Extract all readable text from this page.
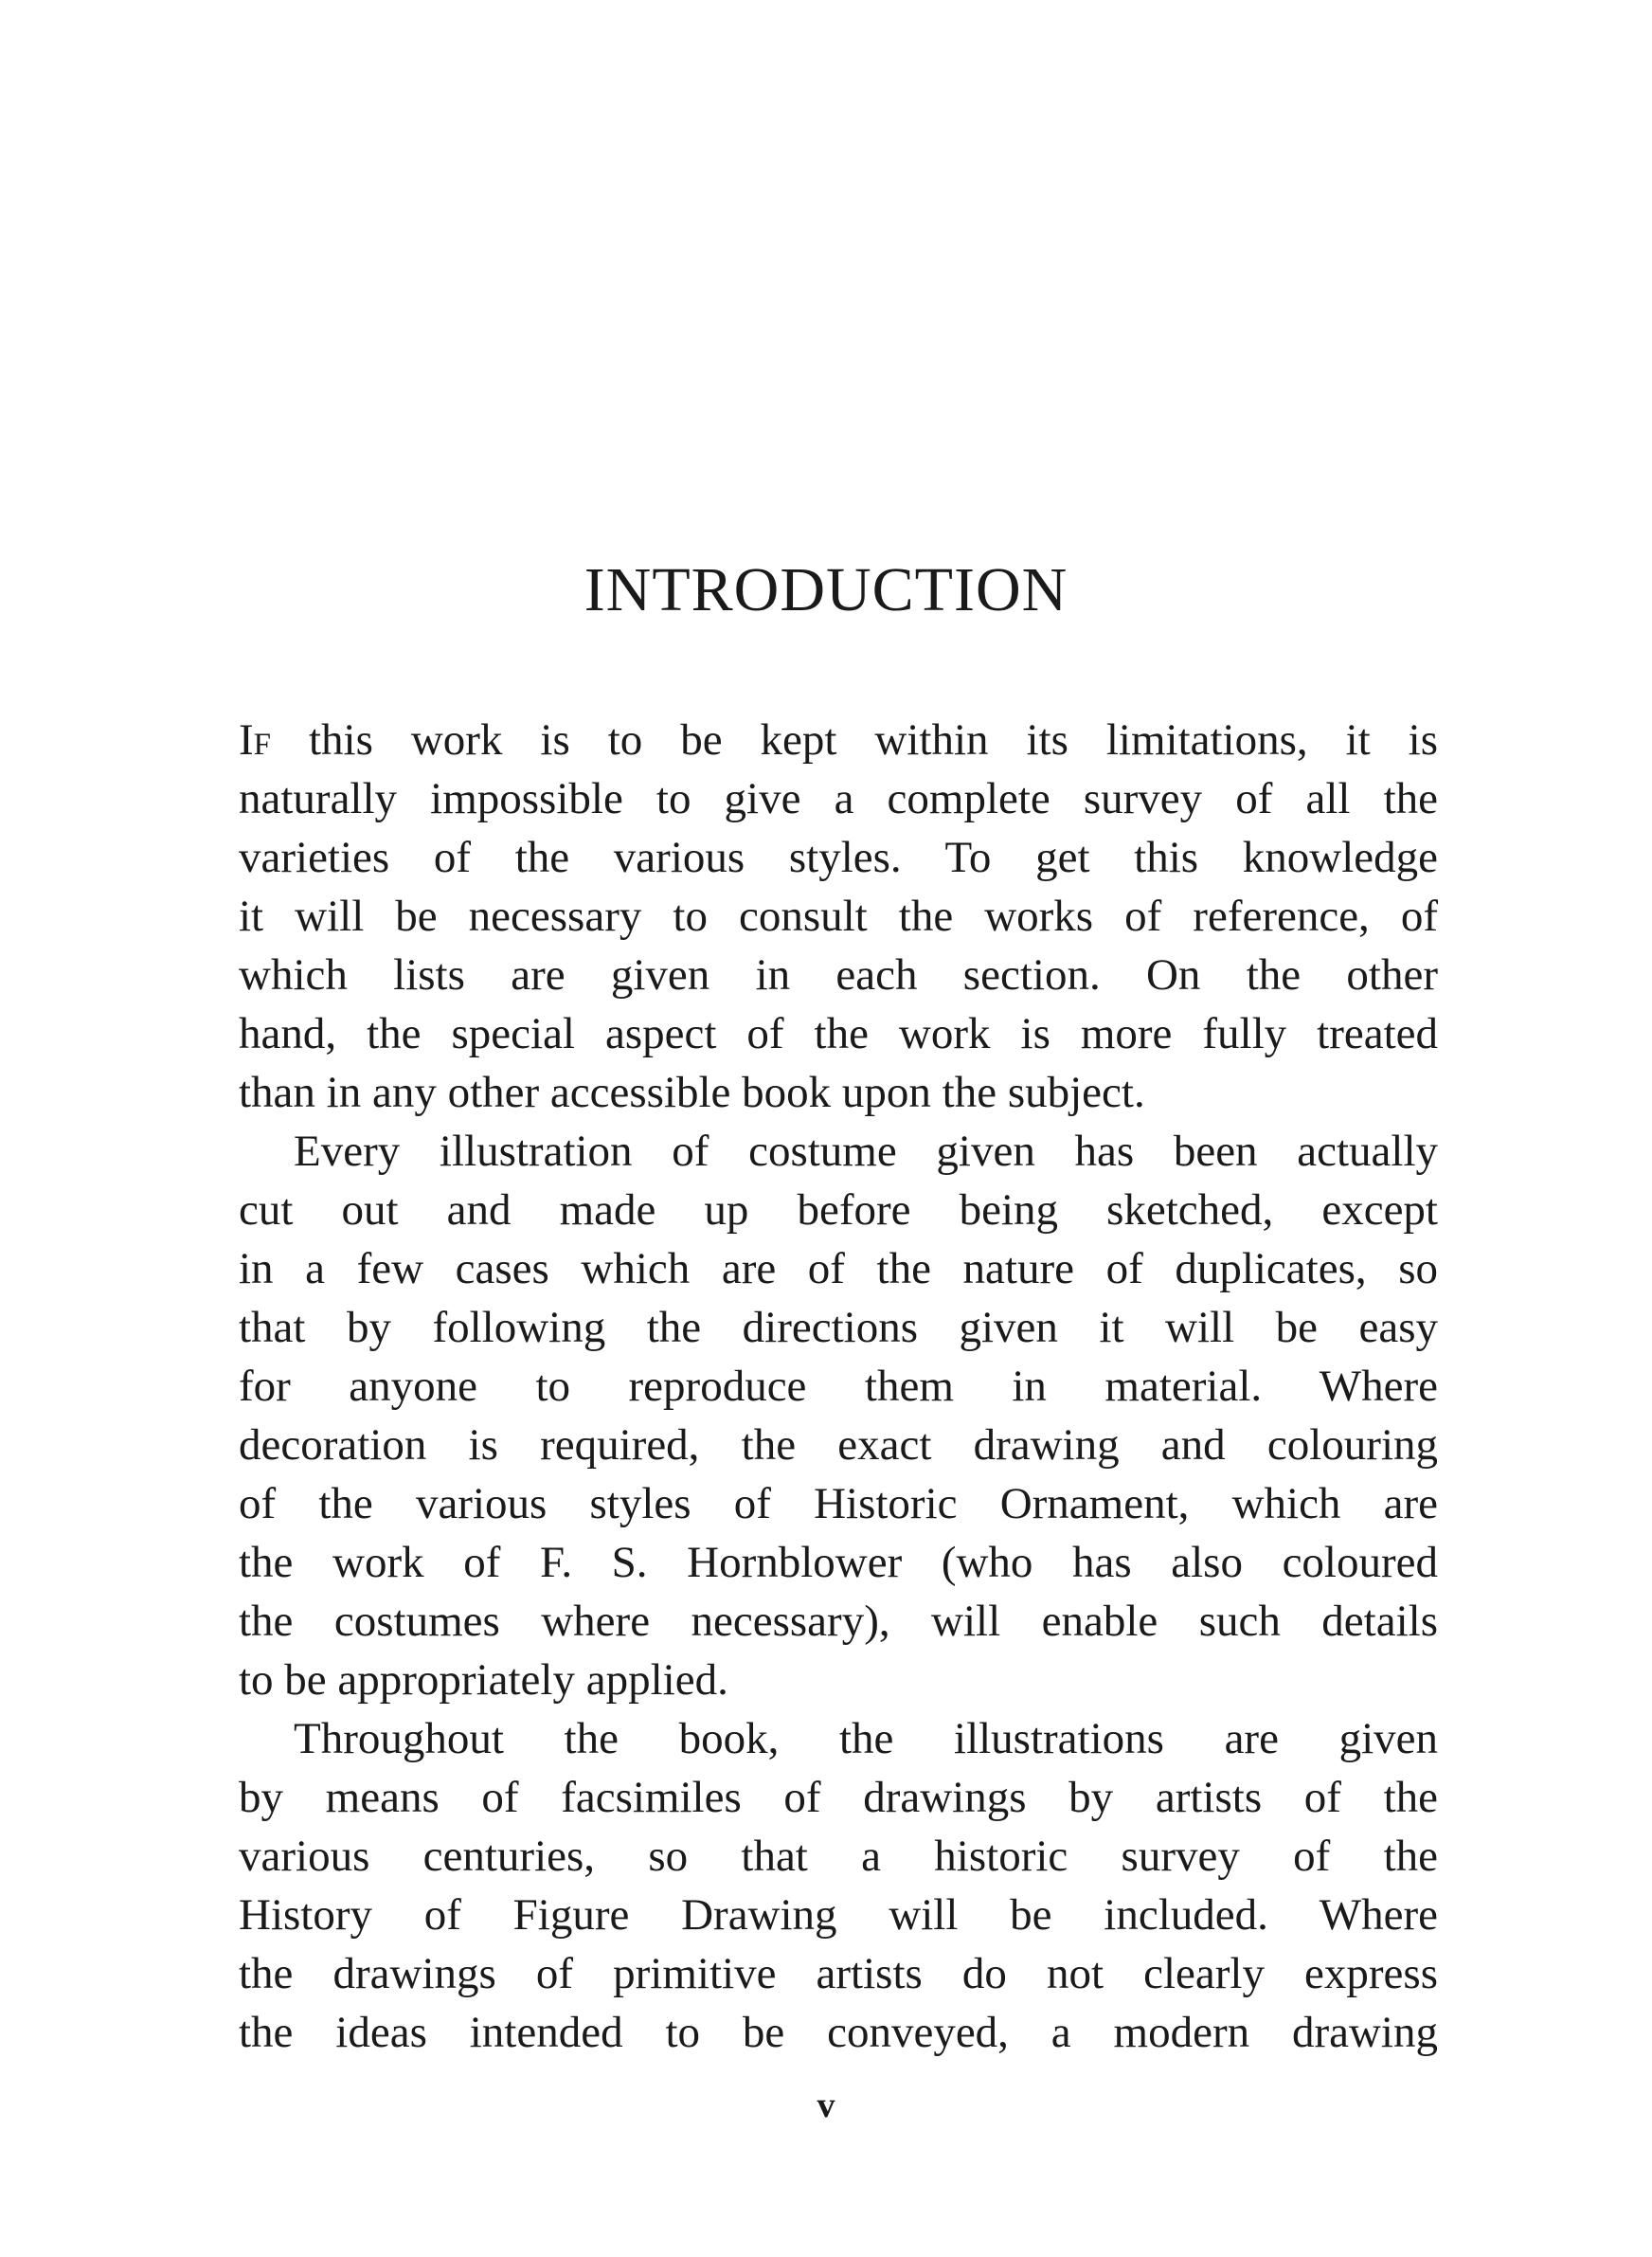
INTRODUCTION
If this work is to be kept within its limitations, it is
naturally impossible to give a complete survey of all the
varieties of the various styles. To get this knowledge
it will be necessary to consult the works of reference, of
which lists are given in each section. On the other
hand, the special aspect of the work is more fully treated
than in any other accessible book upon the subject.
Every illustration of costume given has been actually
cut out and made up before being sketched, except
in a few cases which are of the nature of duplicates, so
that by following the directions given it will be easy
for anyone to reproduce them in material. Where
decoration is required, the exact drawing and colouring
of the various styles of Historic Ornament, which are
the work of F. S. Hornblower (who has also coloured
the costumes where necessary), will enable such details
to be appropriately applied.
Throughout the book, the illustrations are given
by means of facsimiles of drawings by artists of the
various centuries, so that a historic survey of the
History of Figure Drawing will be included. Where
the drawings of primitive artists do not clearly express
the ideas intended to be conveyed, a modern drawing
v
